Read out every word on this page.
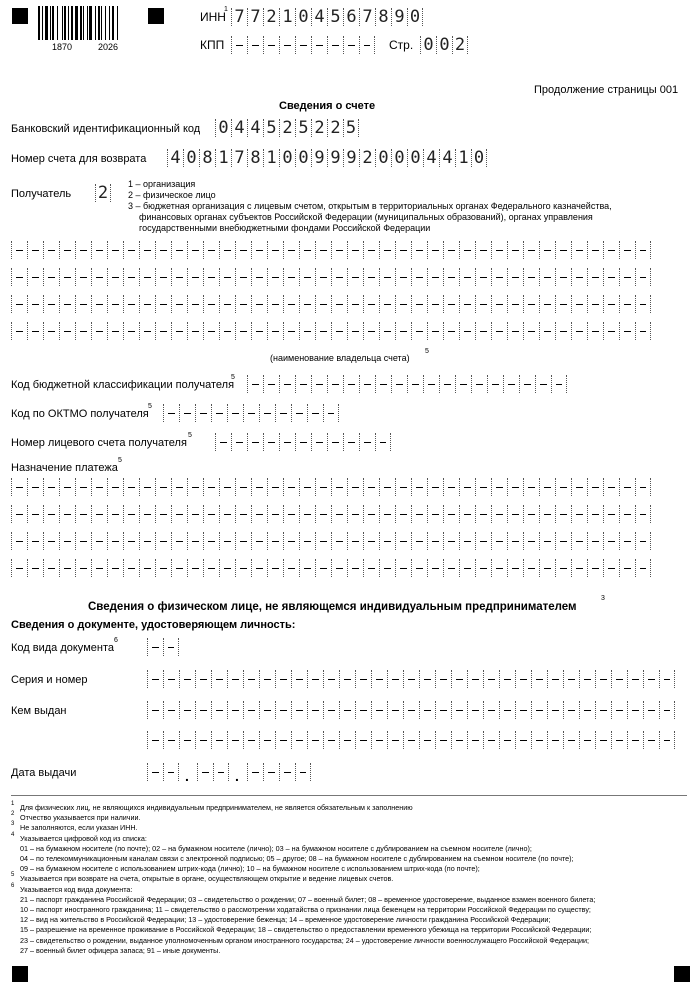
1870	2026
ИНН
1 7 7 2 1 0 4 5 6 7 8 9 0
КПП	Стр. 0 0 2
Продолжение страницы 001
Сведения о счете
Банковский идентификационный код 0 4 4 5 2 5 2 2 5
Номер счета для возврата 4 0 8 1 7 8 1 0 0 9 9 9 2 0 0 0 4 4 1 0
Получатель 2	1 – организация
2 – физическое лицо
3 – бюджетная организация с лицевым счетом, открытым в территориальных органах Федерального казначейства,
финансовых органах субъектов Российской Федерации (муниципальных образований), органах управления
государственными внебюджетными фондами Российской Федерации
(наименование владельца счета)
5
Код бюджетной классификации получателя
5
Код по ОКТМО получателя
5
Номер лицевого счета получателя
5
Назначение платежа
5
Сведения о физическом лице, не являющемся индивидуальным предпринимателем
3
Сведения о документе, удостоверяющем личность:
Код вида документа
6
Серия и номер
Кем выдан
Дата выдачи	.	.
Для физических лиц, не являющихся индивидуальным предпринимателем, не является обязательным к заполнению
1
Отчество указывается при наличии.
2
Не заполняются, если указан ИНН.
3
Указывается цифровой код из списка:
4
01 – на бумажном носителе (по почте); 02 – на бумажном носителе (лично); 03 – на бумажном носителе с дублированием на съемном носителе (лично);
04 – по телекоммуникационным каналам связи с электронной подписью; 05 – другое; 08 – на бумажном носителе с дублированием на съемном носителе (по почте);
09 – на бумажном носителе с использованием штрих-кода (лично); 10 – на бумажном носителе с использованием штрих-кода (по почте);
Указывается при возврате на счета, открытые в органе, осуществляющем открытие и ведение лицевых счетов.
5
Указывается код вида документа:
6
21 – паспорт гражданина Российской Федерации; 03 – свидетельство о рождении; 07 – военный билет; 08 – временное удостоверение, выданное взамен военного билета;
10 – паспорт иностранного гражданина; 11 – свидетельство о рассмотрении ходатайства о признании лица беженцем на территории Российской Федерации по существу;
12 – вид на жительство в Российской Федерации; 13 – удостоверение беженца; 14 – временное удостоверение личности гражданина Российской Федерации;
15 – разрешение на временное проживание в Российской Федерации; 18 – свидетельство о предоставлении временного убежища на территории Российской Федерации;
23 – свидетельство о рождении, выданное уполномоченным органом иностранного государства; 24 – удостоверение личности военнослужащего Российской Федерации;
27 – военный билет офицера запаса; 91 – иные документы.
